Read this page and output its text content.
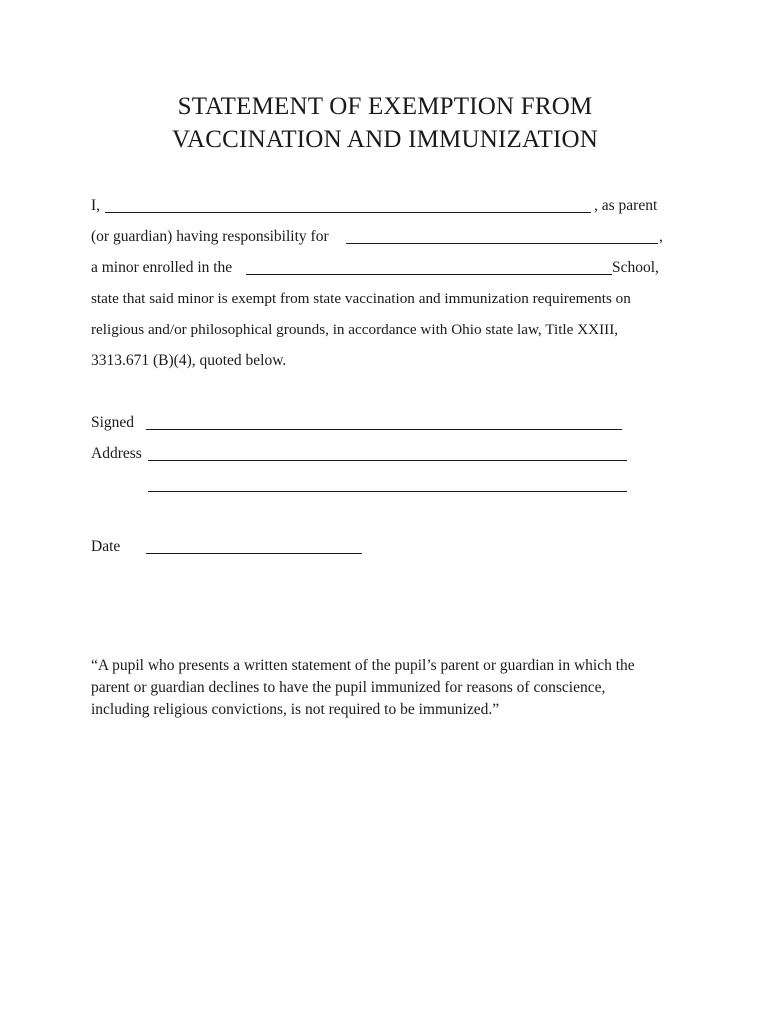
STATEMENT OF EXEMPTION FROM
VACCINATION AND IMMUNIZATION
I,	, as parent
(or guardian) having responsibility for	,
a minor enrolled in the	School,
state that said minor is exempt from state vaccination and immunization requirements on
religious and/or philosophical grounds, in accordance with Ohio state law, Title XXIII,
3313.671 (B)(4), quoted below.
Signed
Address
Date
“A pupil who presents a written statement of the pupil’s parent or guardian in which the
parent or guardian declines to have the pupil immunized for reasons of conscience,
including religious convictions, is not required to be immunized.”
